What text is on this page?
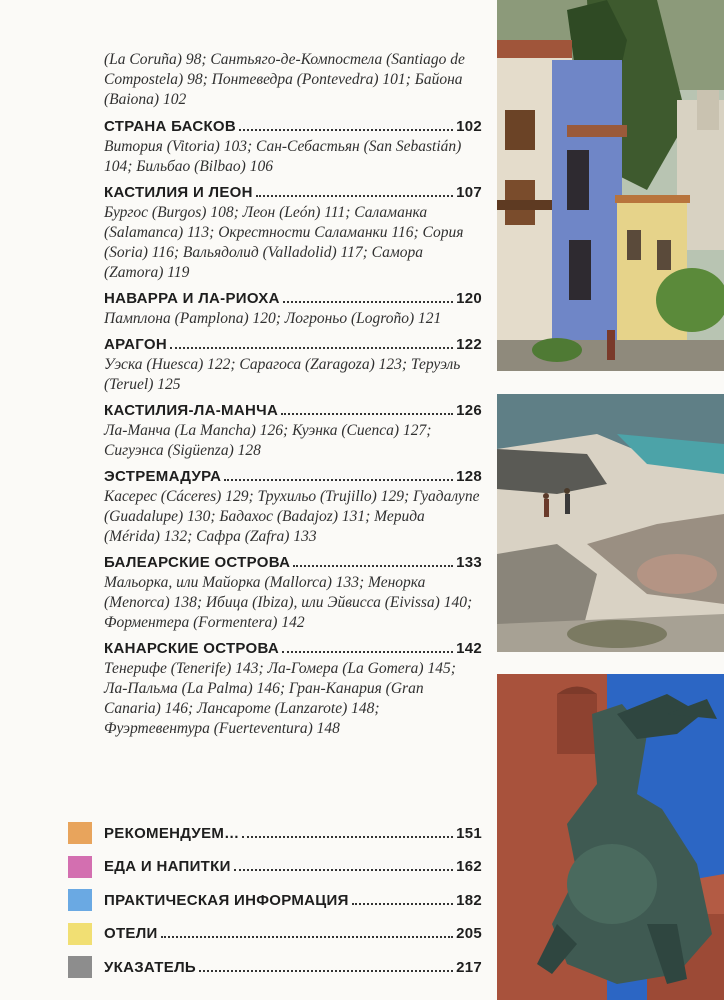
(La Coruña) 98; Сантьяго-де-Компостела (Santiago de Compostela) 98; Понтеведра (Pontevedra) 101; Байона (Baiona) 102
СТРАНА БАСКОВ	102
Витория (Vitoria) 103; Сан-Себастьян (San Sebastián) 104; Бильбао (Bilbao) 106
КАСТИЛИЯ И ЛЕОН	107
Бургос (Burgos) 108; Леон (León) 111; Саламанка (Salamanca) 113; Окрестности Саламанки 116; Сория (Soria) 116; Вальядолид (Valladolid) 117; Самора (Zamora) 119
НАВАРРА И ЛА-РИОХА	120
Памплона (Pamplona) 120; Логроньо (Logroño) 121
АРАГОН	122
Уэска (Huesca) 122; Сарагоса (Zaragoza) 123; Теруэль (Teruel) 125
КАСТИЛИЯ-ЛА-МАНЧА	126
Ла-Манча (La Mancha) 126; Куэнка (Cuenca) 127; Сигуэнса (Sigüenza) 128
ЭСТРЕМАДУРА	128
Касерес (Cáceres) 129; Трухильо (Trujillo) 129; Гуадалупе (Guadalupe) 130; Бадахос (Badajoz) 131; Мерида (Mérida) 132; Сафра (Zafra) 133
БАЛЕАРСКИЕ ОСТРОВА	133
Мальорка, или Майорка (Mallorca) 133; Менорка (Menorca) 138; Ибица (Ibiza), или Эйвисса (Eivissa) 140; Форментера (Formentera) 142
КАНАРСКИЕ ОСТРОВА	142
Тенерифе (Tenerife) 143; Ла-Гомера (La Gomera) 145; Ла-Пальма (La Palma) 146; Гран-Канария (Gran Canaria) 146; Лансароте (Lanzarote) 148; Фуэртевентура (Fuerteventura) 148
РЕКОМЕНДУЕМ…	151
ЕДА И НАПИТКИ	162
ПРАКТИЧЕСКАЯ ИНФОРМАЦИЯ	182
ОТЕЛИ	205
УКАЗАТЕЛЬ	217
